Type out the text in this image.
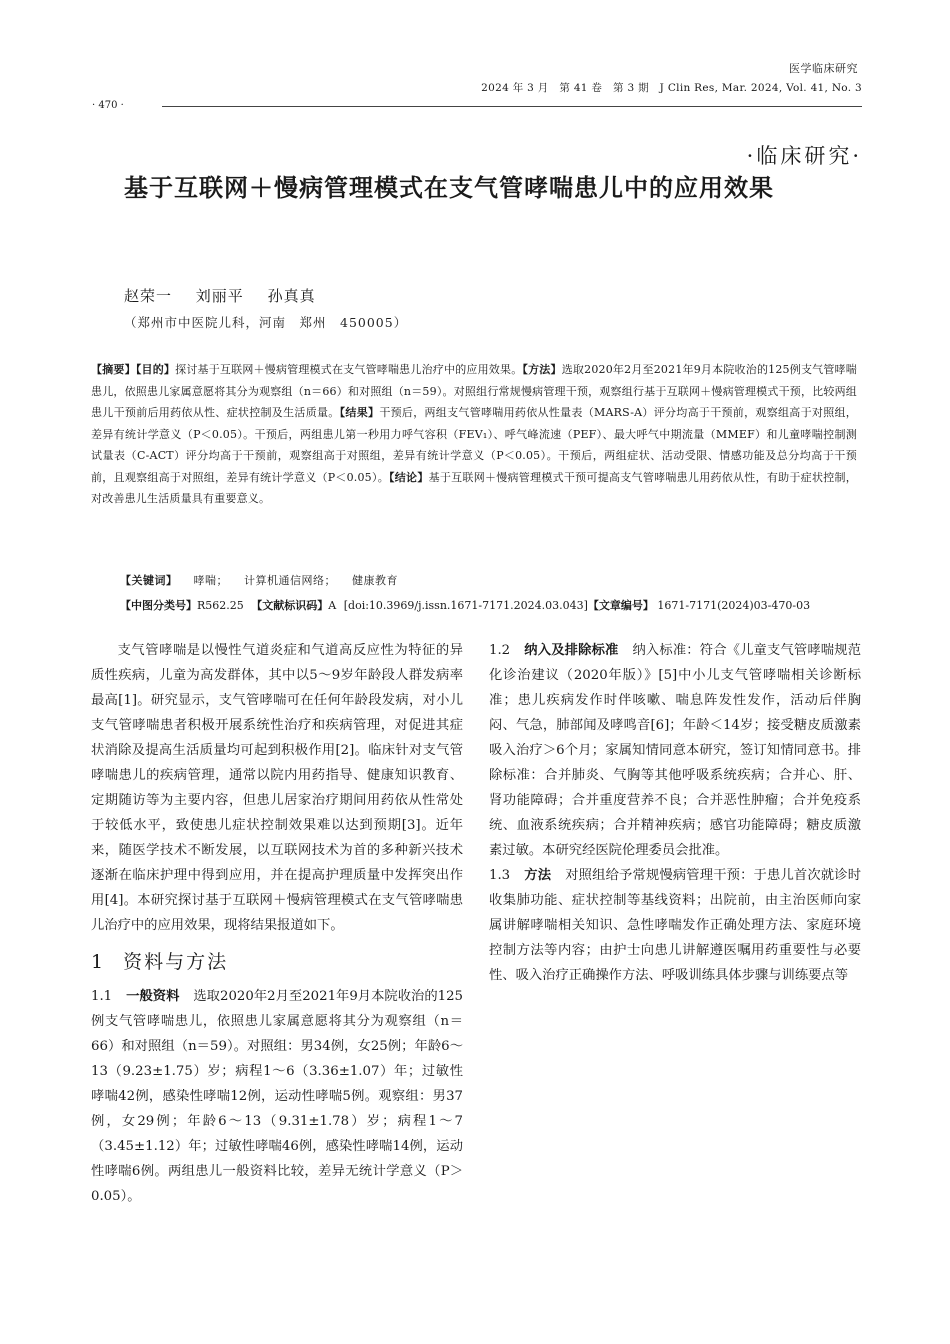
医学临床研究
2024 年 3 月　第 41 卷　第 3 期　J Clin Res, Mar. 2024, Vol. 41, No. 3
· 470 ·
·临床研究·
基于互联网＋慢病管理模式在支气管哮喘患儿中的应用效果
赵荣一 刘丽平 孙真真
（郑州市中医院儿科，河南　郑州　450005）
【摘要】【目的】探讨基于互联网＋慢病管理模式在支气管哮喘患儿治疗中的应用效果。【方法】选取2020年2月至2021年9月本院收治的125例支气管哮喘患儿，依照患儿家属意愿将其分为观察组（n＝66）和对照组（n＝59）。对照组行常规慢病管理干预，观察组行基于互联网＋慢病管理模式干预，比较两组患儿干预前后用药依从性、症状控制及生活质量。【结果】干预后，两组支气管哮喘用药依从性量表（MARS-A）评分均高于干预前，观察组高于对照组，差异有统计学意义（P＜0.05）。干预后，两组患儿第一秒用力呼气容积（FEV₁）、呼气峰流速（PEF）、最大呼气中期流量（MMEF）和儿童哮喘控制测试量表（C-ACT）评分均高于干预前，观察组高于对照组，差异有统计学意义（P＜0.05）。干预后，两组症状、活动受限、情感功能及总分均高于干预前，且观察组高于对照组，差异有统计学意义（P＜0.05）。【结论】基于互联网＋慢病管理模式干预可提高支气管哮喘患儿用药依从性，有助于症状控制，对改善患儿生活质量具有重要意义。
【关键词】 哮喘； 计算机通信网络； 健康教育
【中图分类号】R562.25 【文献标识码】A [doi:10.3969/j.issn.1671-7171.2024.03.043]【文章编号】 1671-7171(2024)03-470-03

支气管哮喘是以慢性气道炎症和气道高反应性为特征的异质性疾病，儿童为高发群体，其中以5～9岁年龄段人群发病率最高[1]。研究显示，支气管哮喘可在任何年龄段发病，对小儿支气管哮喘患者积极开展系统性治疗和疾病管理，对促进其症状消除及提高生活质量均可起到积极作用[2]。临床针对支气管哮喘患儿的疾病管理，通常以院内用药指导、健康知识教育、定期随访等为主要内容，但患儿居家治疗期间用药依从性常处于较低水平，致使患儿症状控制效果难以达到预期[3]。近年来，随医学技术不断发展，以互联网技术为首的多种新兴技术逐渐在临床护理中得到应用，并在提高护理质量中发挥突出作用[4]。本研究探讨基于互联网＋慢病管理模式在支气管哮喘患儿治疗中的应用效果，现将结果报道如下。

1 资料与方法

1.1 一般资料 选取2020年2月至2021年9月本院收治的125例支气管哮喘患儿，依照患儿家属意愿将其分为观察组（n＝66）和对照组（n＝59）。对照组：男34例，女25例；年龄6～13（9.23±1.75）岁；病程1～6（3.36±1.07）年；过敏性哮喘42例，感染性哮喘12例，运动性哮喘5例。观察组：男37例，女29例；年龄6～13（9.31±1.78）岁；病程1～7（3.45±1.12）年；过敏性哮喘46例，感染性哮喘14例，运动性哮喘6例。两组患儿一般资料比较，差异无统计学意义（P＞0.05）。

1.2 纳入及排除标准 纳入标准：符合《儿童支气管哮喘规范化诊治建议（2020年版）》[5]中小儿支气管哮喘相关诊断标准；患儿疾病发作时伴咳嗽、喘息阵发性发作，活动后伴胸闷、气急，肺部闻及哮鸣音[6]；年龄＜14岁；接受糖皮质激素吸入治疗＞6个月；家属知情同意本研究，签订知情同意书。排除标准：合并肺炎、气胸等其他呼吸系统疾病；合并心、肝、肾功能障碍；合并重度营养不良；合并恶性肿瘤；合并免疫系统、血液系统疾病；合并精神疾病；感官功能障碍；糖皮质激素过敏。本研究经医院伦理委员会批准。

1.3 方法 对照组给予常规慢病管理干预：于患儿首次就诊时收集肺功能、症状控制等基线资料；出院前，由主治医师向家属讲解哮喘相关知识、急性哮喘发作正确处理方法、家庭环境控制方法等内容；由护士向患儿讲解遵医嘱用药重要性与必要性、吸入治疗正确操作方法、呼吸训练具体步骤与训练要点等
